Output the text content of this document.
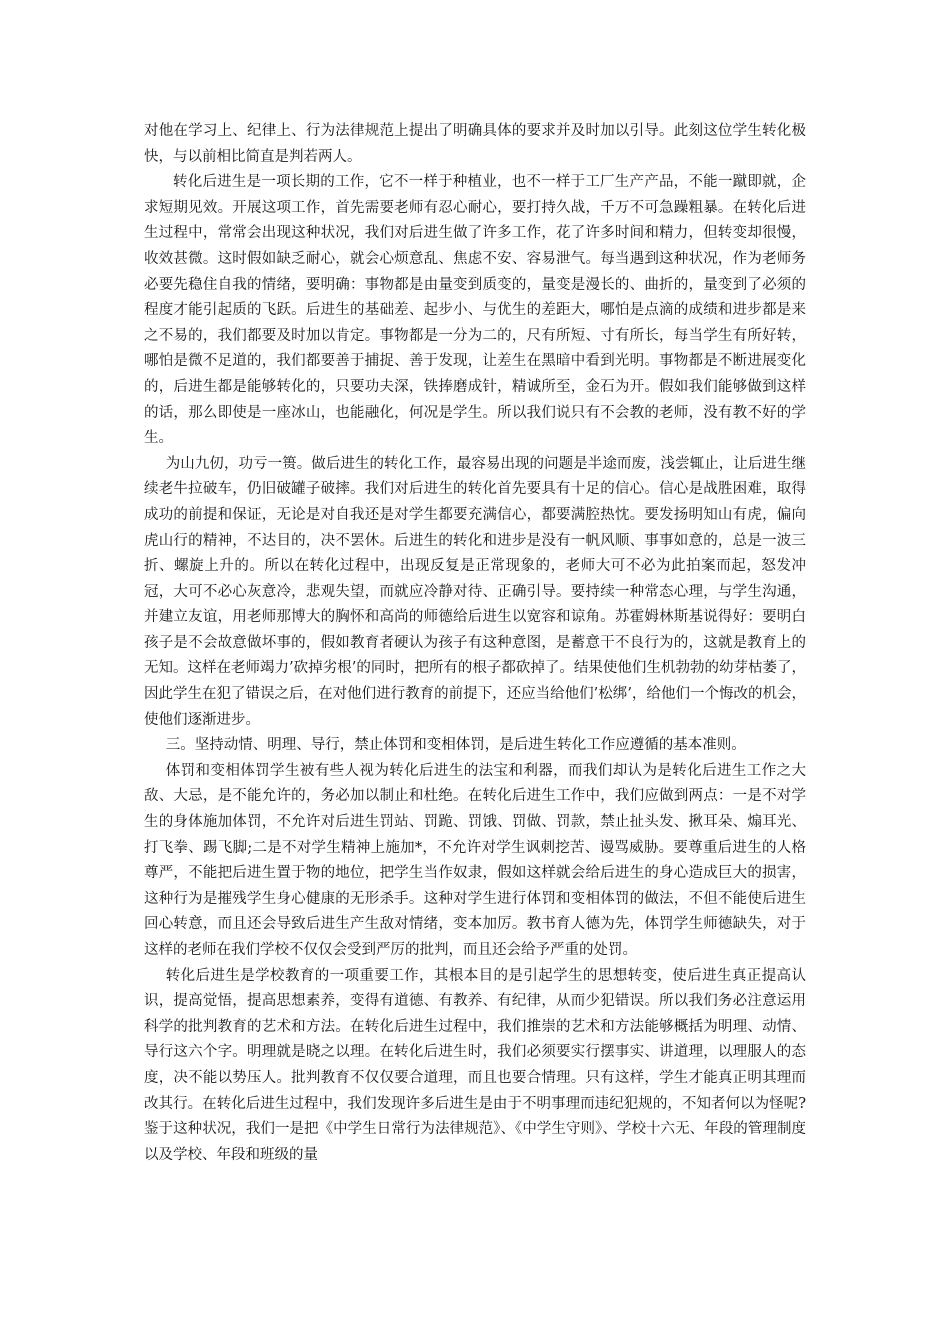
对他在学习上、纪律上、行为法律规范上提出了明确具体的要求并及时加以引导。此刻这位学生转化极快，与以前相比简直是判若两人。

转化后进生是一项长期的工作，它不一样于种植业，也不一样于工厂生产产品，不能一蹴即就，企求短期见效。开展这项工作，首先需要老师有忍心耐心，要打持久战，千万不可急躁粗暴。在转化后进生过程中，常常会出现这种状况，我们对后进生做了许多工作，花了许多时间和精力，但转变却很慢，收效甚微。这时假如缺乏耐心，就会心烦意乱、焦虑不安、容易泄气。每当遇到这种状况，作为老师务必要先稳住自我的情绪，要明确：事物都是由量变到质变的，量变是漫长的、曲折的，量变到了必须的程度才能引起质的飞跃。后进生的基础差、起步小、与优生的差距大，哪怕是点滴的成绩和进步都是来之不易的，我们都要及时加以肯定。事物都是一分为二的，尺有所短、寸有所长，每当学生有所好转，哪怕是微不足道的，我们都要善于捕捉、善于发现，让差生在黑暗中看到光明。事物都是不断进展变化的，后进生都是能够转化的，只要功夫深，铁捧磨成针，精诚所至，金石为开。假如我们能够做到这样的话，那么即使是一座冰山，也能融化，何况是学生。所以我们说只有不会教的老师，没有教不好的学生。

为山九仞，功亏一篑。做后进生的转化工作，最容易出现的问题是半途而废，浅尝辄止，让后进生继续老牛拉破车，仍旧破罐子破摔。我们对后进生的转化首先要具有十足的信心。信心是战胜困难，取得成功的前提和保证，无论是对自我还是对学生都要充满信心，都要满腔热忱。要发扬明知山有虎，偏向虎山行的精神，不达目的，决不罢休。后进生的转化和进步是没有一帆风顺、事事如意的，总是一波三折、螺旋上升的。所以在转化过程中，出现反复是正常现象的，老师大可不必为此拍案而起，怒发冲冠，大可不必心灰意冷，悲观失望，而就应冷静对待、正确引导。要持续一种常态心理，与学生沟通，并建立友谊，用老师那博大的胸怀和高尚的师德给后进生以宽容和谅角。苏霍姆林斯基说得好：要明白孩子是不会故意做坏事的，假如教育者硬认为孩子有这种意图，是蓄意干不良行为的，这就是教育上的无知。这样在老师竭力’砍掉劣根’的同时，把所有的根子都砍掉了。结果使他们生机勃勃的幼芽枯萎了，因此学生在犯了错误之后，在对他们进行教育的前提下，还应当给他们’松绑’，给他们一个悔改的机会，使他们逐渐进步。

三。坚持动情、明理、导行，禁止体罚和变相体罚，是后进生转化工作应遵循的基本准则。

体罚和变相体罚学生被有些人视为转化后进生的法宝和利器，而我们却认为是转化后进生工作之大敌、大忌，是不能允许的，务必加以制止和杜绝。在转化后进生工作中，我们应做到两点：一是不对学生的身体施加体罚，不允许对后进生罚站、罚跪、罚饿、罚做、罚款，禁止扯头发、揪耳朵、煽耳光、打飞拳、踢飞脚;二是不对学生精神上施加*，不允许对学生讽刺挖苦、谩骂威胁。要尊重后进生的人格尊严，不能把后进生置于物的地位，把学生当作奴隶，假如这样就会给后进生的身心造成巨大的损害，这种行为是摧残学生身心健康的无形杀手。这种对学生进行体罚和变相体罚的做法，不但不能使后进生回心转意，而且还会导致后进生产生敌对情绪，变本加厉。教书育人德为先，体罚学生师德缺失，对于这样的老师在我们学校不仅仅会受到严厉的批判，而且还会给予严重的处罚。

转化后进生是学校教育的一项重要工作，其根本目的是引起学生的思想转变，使后进生真正提高认识，提高觉悟，提高思想素养，变得有道德、有教养、有纪律，从而少犯错误。所以我们务必注意运用科学的批判教育的艺术和方法。在转化后进生过程中，我们推崇的艺术和方法能够概括为明理、动情、导行这六个字。明理就是晓之以理。在转化后进生时，我们必须要实行摆事实、讲道理，以理服人的态度，决不能以势压人。批判教育不仅仅要合道理，而且也要合情理。只有这样，学生才能真正明其理而改其行。在转化后进生过程中，我们发现许多后进生是由于不明事理而违纪犯规的，不知者何以为怪呢?鉴于这种状况，我们一是把《中学生日常行为法律规范》、《中学生守则》、学校十六无、年段的管理制度以及学校、年段和班级的量
